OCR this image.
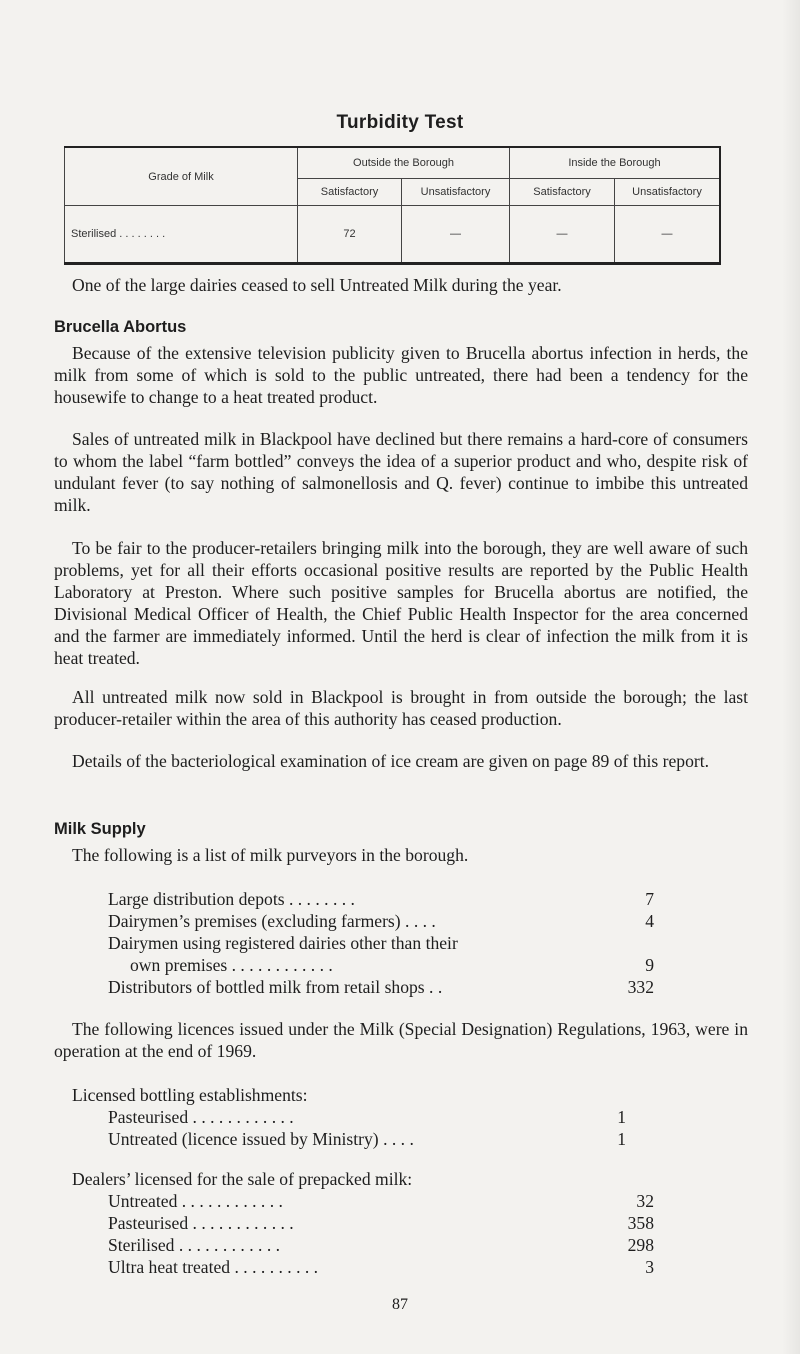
Turbidity Test
Grade of Milk	Outside the Borough		Inside the Borough	
	Satisfactory	Unsatisfactory	Satisfactory	Unsatisfactory
Sterilised . . . . . . . .	72	—	—	—
One of the large dairies ceased to sell Untreated Milk during the year.
Brucella Abortus
Because of the extensive television publicity given to Brucella abortus infection in herds, the milk from some of which is sold to the public untreated, there had been a tendency for the housewife to change to a heat treated product.
Sales of untreated milk in Blackpool have declined but there remains a hard-core of consumers to whom the label “farm bottled” conveys the idea of a superior product and who, despite risk of undulant fever (to say nothing of salmonellosis and Q. fever) continue to imbibe this untreated milk.
To be fair to the producer-retailers bringing milk into the borough, they are well aware of such problems, yet for all their efforts occasional positive results are reported by the Public Health Laboratory at Preston. Where such positive samples for Brucella abortus are notified, the Divisional Medical Officer of Health, the Chief Public Health Inspector for the area concerned and the farmer are immediately informed. Until the herd is clear of infection the milk from it is heat treated.
All untreated milk now sold in Blackpool is brought in from outside the borough; the last producer-retailer within the area of this authority has ceased production.
Details of the bacteriological examination of ice cream are given on page 89 of this report.
Milk Supply
The following is a list of milk purveyors in the borough.
Large distribution depots . . . . . . . .	7
Dairymen’s premises (excluding farmers) . . . .	4
Dairymen using registered dairies other than their
own premises . . . . . . . . . . . .	9
Distributors of bottled milk from retail shops . .	332
The following licences issued under the Milk (Special Designation) Regulations, 1963, were in operation at the end of 1969.
Licensed bottling establishments:
Pasteurised . . . . . . . . . . . .	1
Untreated (licence issued by Ministry) . . . .	1
Dealers’ licensed for the sale of prepacked milk:
Untreated . . . . . . . . . . . .	32
Pasteurised . . . . . . . . . . . .	358
Sterilised . . . . . . . . . . . .	298
Ultra heat treated . . . . . . . . . .	3
87
